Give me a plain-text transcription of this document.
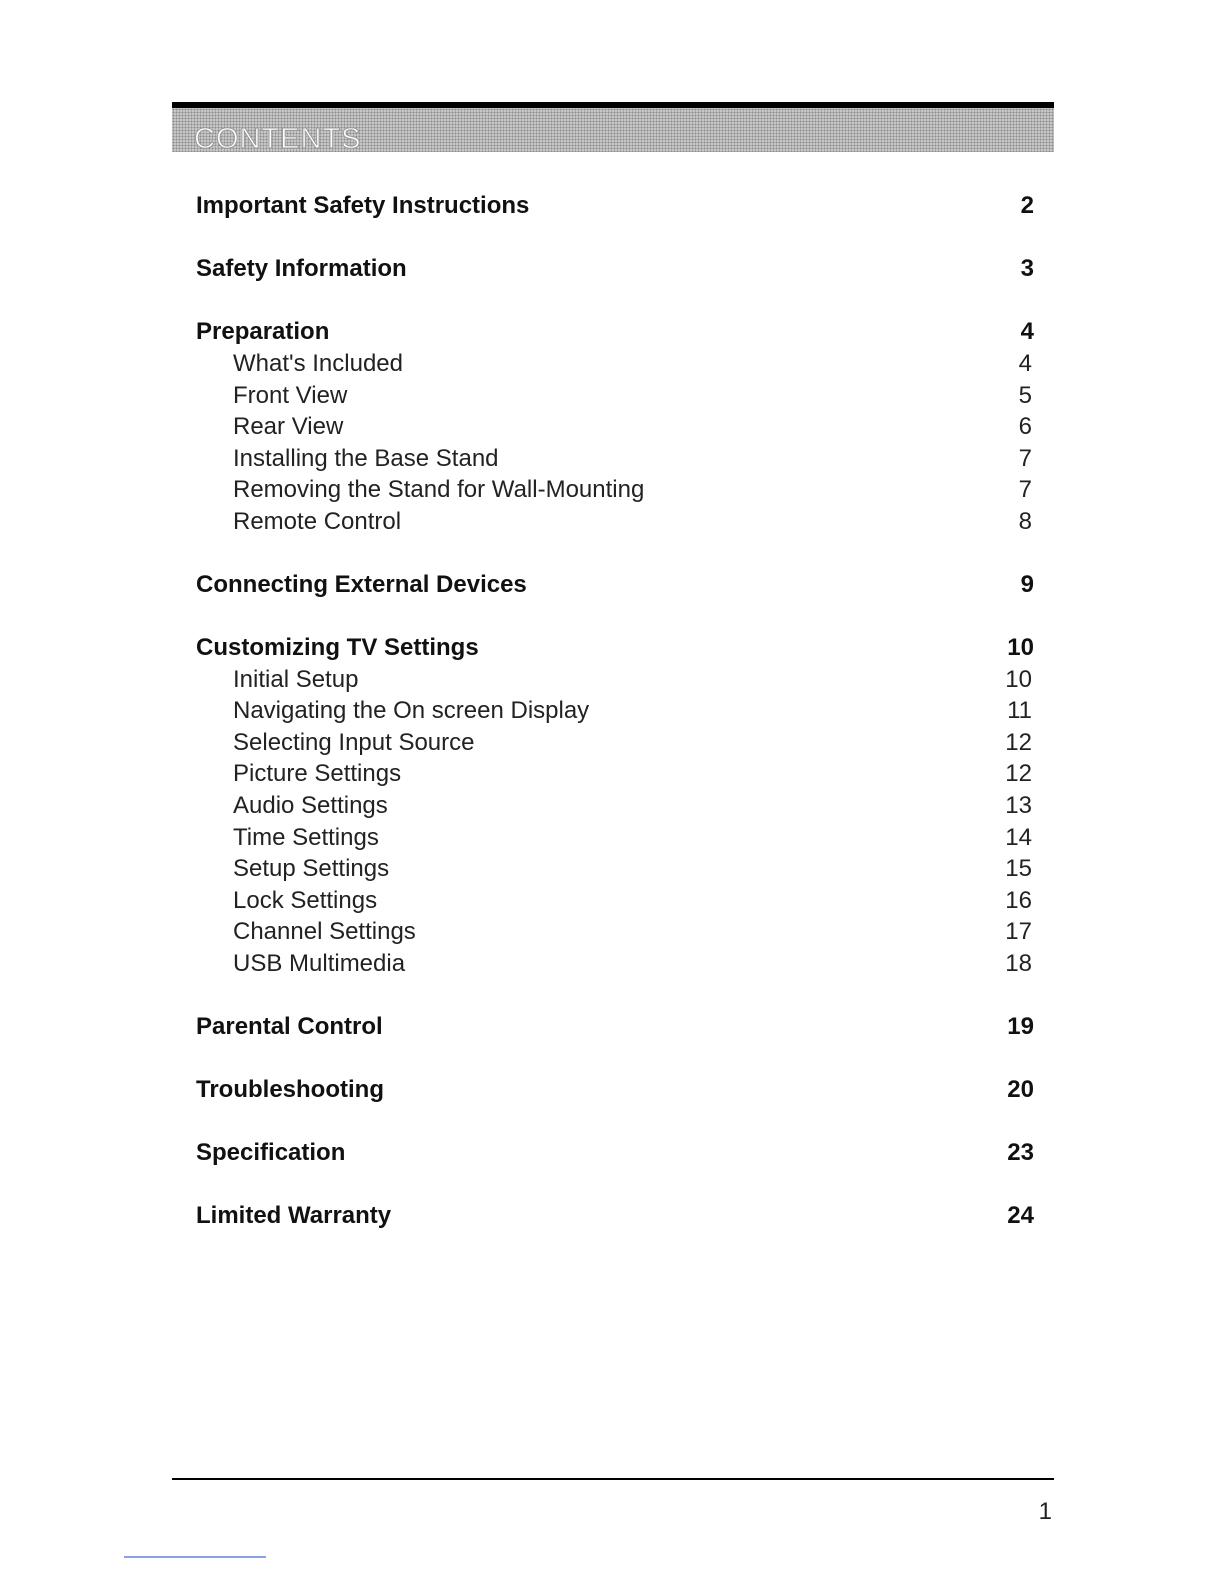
CONTENTS
Important Safety Instructions	2
Safety Information	3
Preparation	4
What's Included	4
Front View	5
Rear View	6
Installing the Base Stand	7
Removing the Stand for Wall-Mounting	7
Remote Control	8
Connecting External Devices	9
Customizing TV Settings	10
Initial Setup	10
Navigating the On screen Display	11
Selecting Input Source	12
Picture Settings	12
Audio Settings	13
Time Settings	14
Setup Settings	15
Lock Settings	16
Channel Settings	17
USB Multimedia	18
Parental Control	19
Troubleshooting	20
Specification	23
Limited Warranty	24
1
